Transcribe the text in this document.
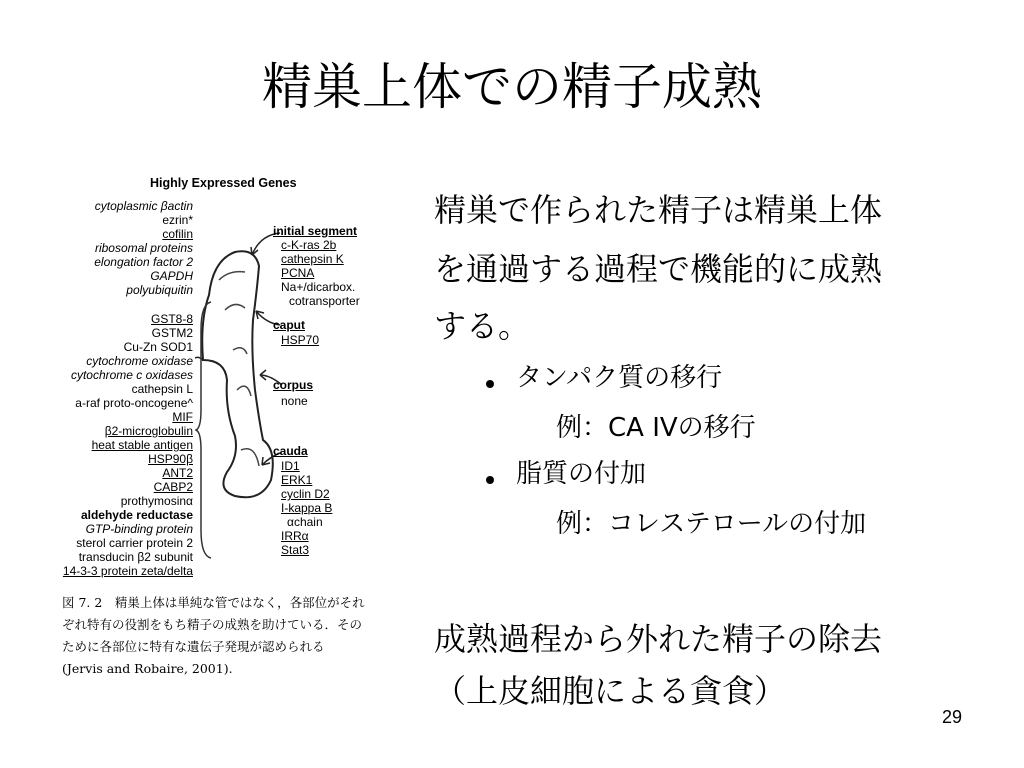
精巣上体での精子成熟
Highly Expressed Genes
cytoplasmic βactin
ezrin*
cofilin
ribosomal proteins
elongation factor 2
GAPDH
polyubiquitin
GST8-8
GSTM2
Cu-Zn SOD1
cytochrome oxidase
cytochrome c oxidases
cathepsin L
a-raf proto-oncogene^
MIF
β2-microglobulin
heat stable antigen
HSP90β
ANT2
CABP2
prothymosinα
aldehyde reductase
GTP-binding protein
sterol carrier protein 2
transducin β2 subunit
14-3-3 protein zeta/delta
initial segment
c-K-ras 2b
cathepsin K
PCNA
Na+/dicarbox.
cotransporter
caput
HSP70
corpus
none
cauda
ID1
ERK1
cyclin D2
I-kappa B
αchain
IRRα
Stat3
図 7. 2　精巣上体は単純な管ではなく，各部位がそれぞれ特有の役割をもち精子の成熟を助けている．そのために各部位に特有な遺伝子発現が認められる (Jervis and Robaire, 2001).
精巣で作られた精子は精巣上体
を通過する過程で機能的に成熟
する。
タンパク質の移行
例：CA IVの移行
脂質の付加
例：コレステロールの付加
成熟過程から外れた精子の除去
（上皮細胞による貪食）
29
